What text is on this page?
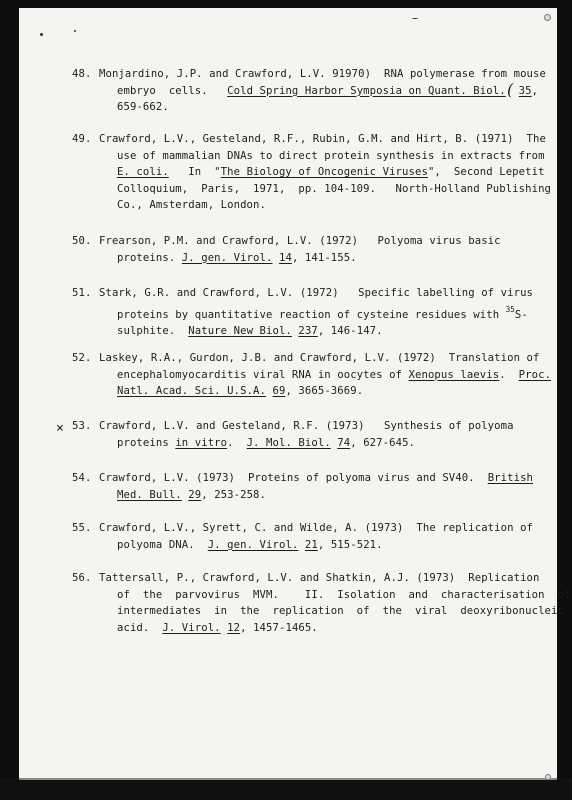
48. Monjardino, J.P. and Crawford, L.V. 91970)  RNA polymerase from mouse
embryo  cells.   Cold Spring Harbor Symposia on Quant. Biol. 35,
659-662.
49. Crawford, L.V., Gesteland, R.F., Rubin, G.M. and Hirt, B. (1971)  The
use of mammalian DNAs to direct protein synthesis in extracts from
E. coli.   In  "The Biology of Oncogenic Viruses",  Second Lepetit
Colloquium,  Paris,  1971,  pp. 104-109.   North-Holland Publishing
Co., Amsterdam, London.
50. Frearson, P.M. and Crawford, L.V. (1972)   Polyoma virus basic
proteins. J. gen. Virol. 14, 141-155.
51. Stark, G.R. and Crawford, L.V. (1972)   Specific labelling of virus
proteins by quantitative reaction of cysteine residues with $^{35}$S-
sulphite.  Nature New Biol. 237, 146-147.
52. Laskey, R.A., Gurdon, J.B. and Crawford, L.V. (1972)  Translation of
encephalomyocarditis viral RNA in oocytes of Xenopus laevis.  Proc.
Natl. Acad. Sci. U.S.A. 69, 3665-3669.
53. Crawford, L.V. and Gesteland, R.F. (1973)   Synthesis of polyoma
proteins in vitro.  J. Mol. Biol. 74, 627-645.
54. Crawford, L.V. (1973)  Proteins of polyoma virus and SV40.  British
Med. Bull. 29, 253-258.
55. Crawford, L.V., Syrett, C. and Wilde, A. (1973)  The replication of
polyoma DNA.  J. gen. Virol. 21, 515-521.
56. Tattersall, P., Crawford, L.V. and Shatkin, A.J. (1973)  Replication
of  the  parvovirus  MVM.    II.  Isolation  and  characterisation  of
intermediates  in  the  replication  of  the  viral  deoxyribonucleic
acid.  J. Virol. 12, 1457-1465.
×
(
